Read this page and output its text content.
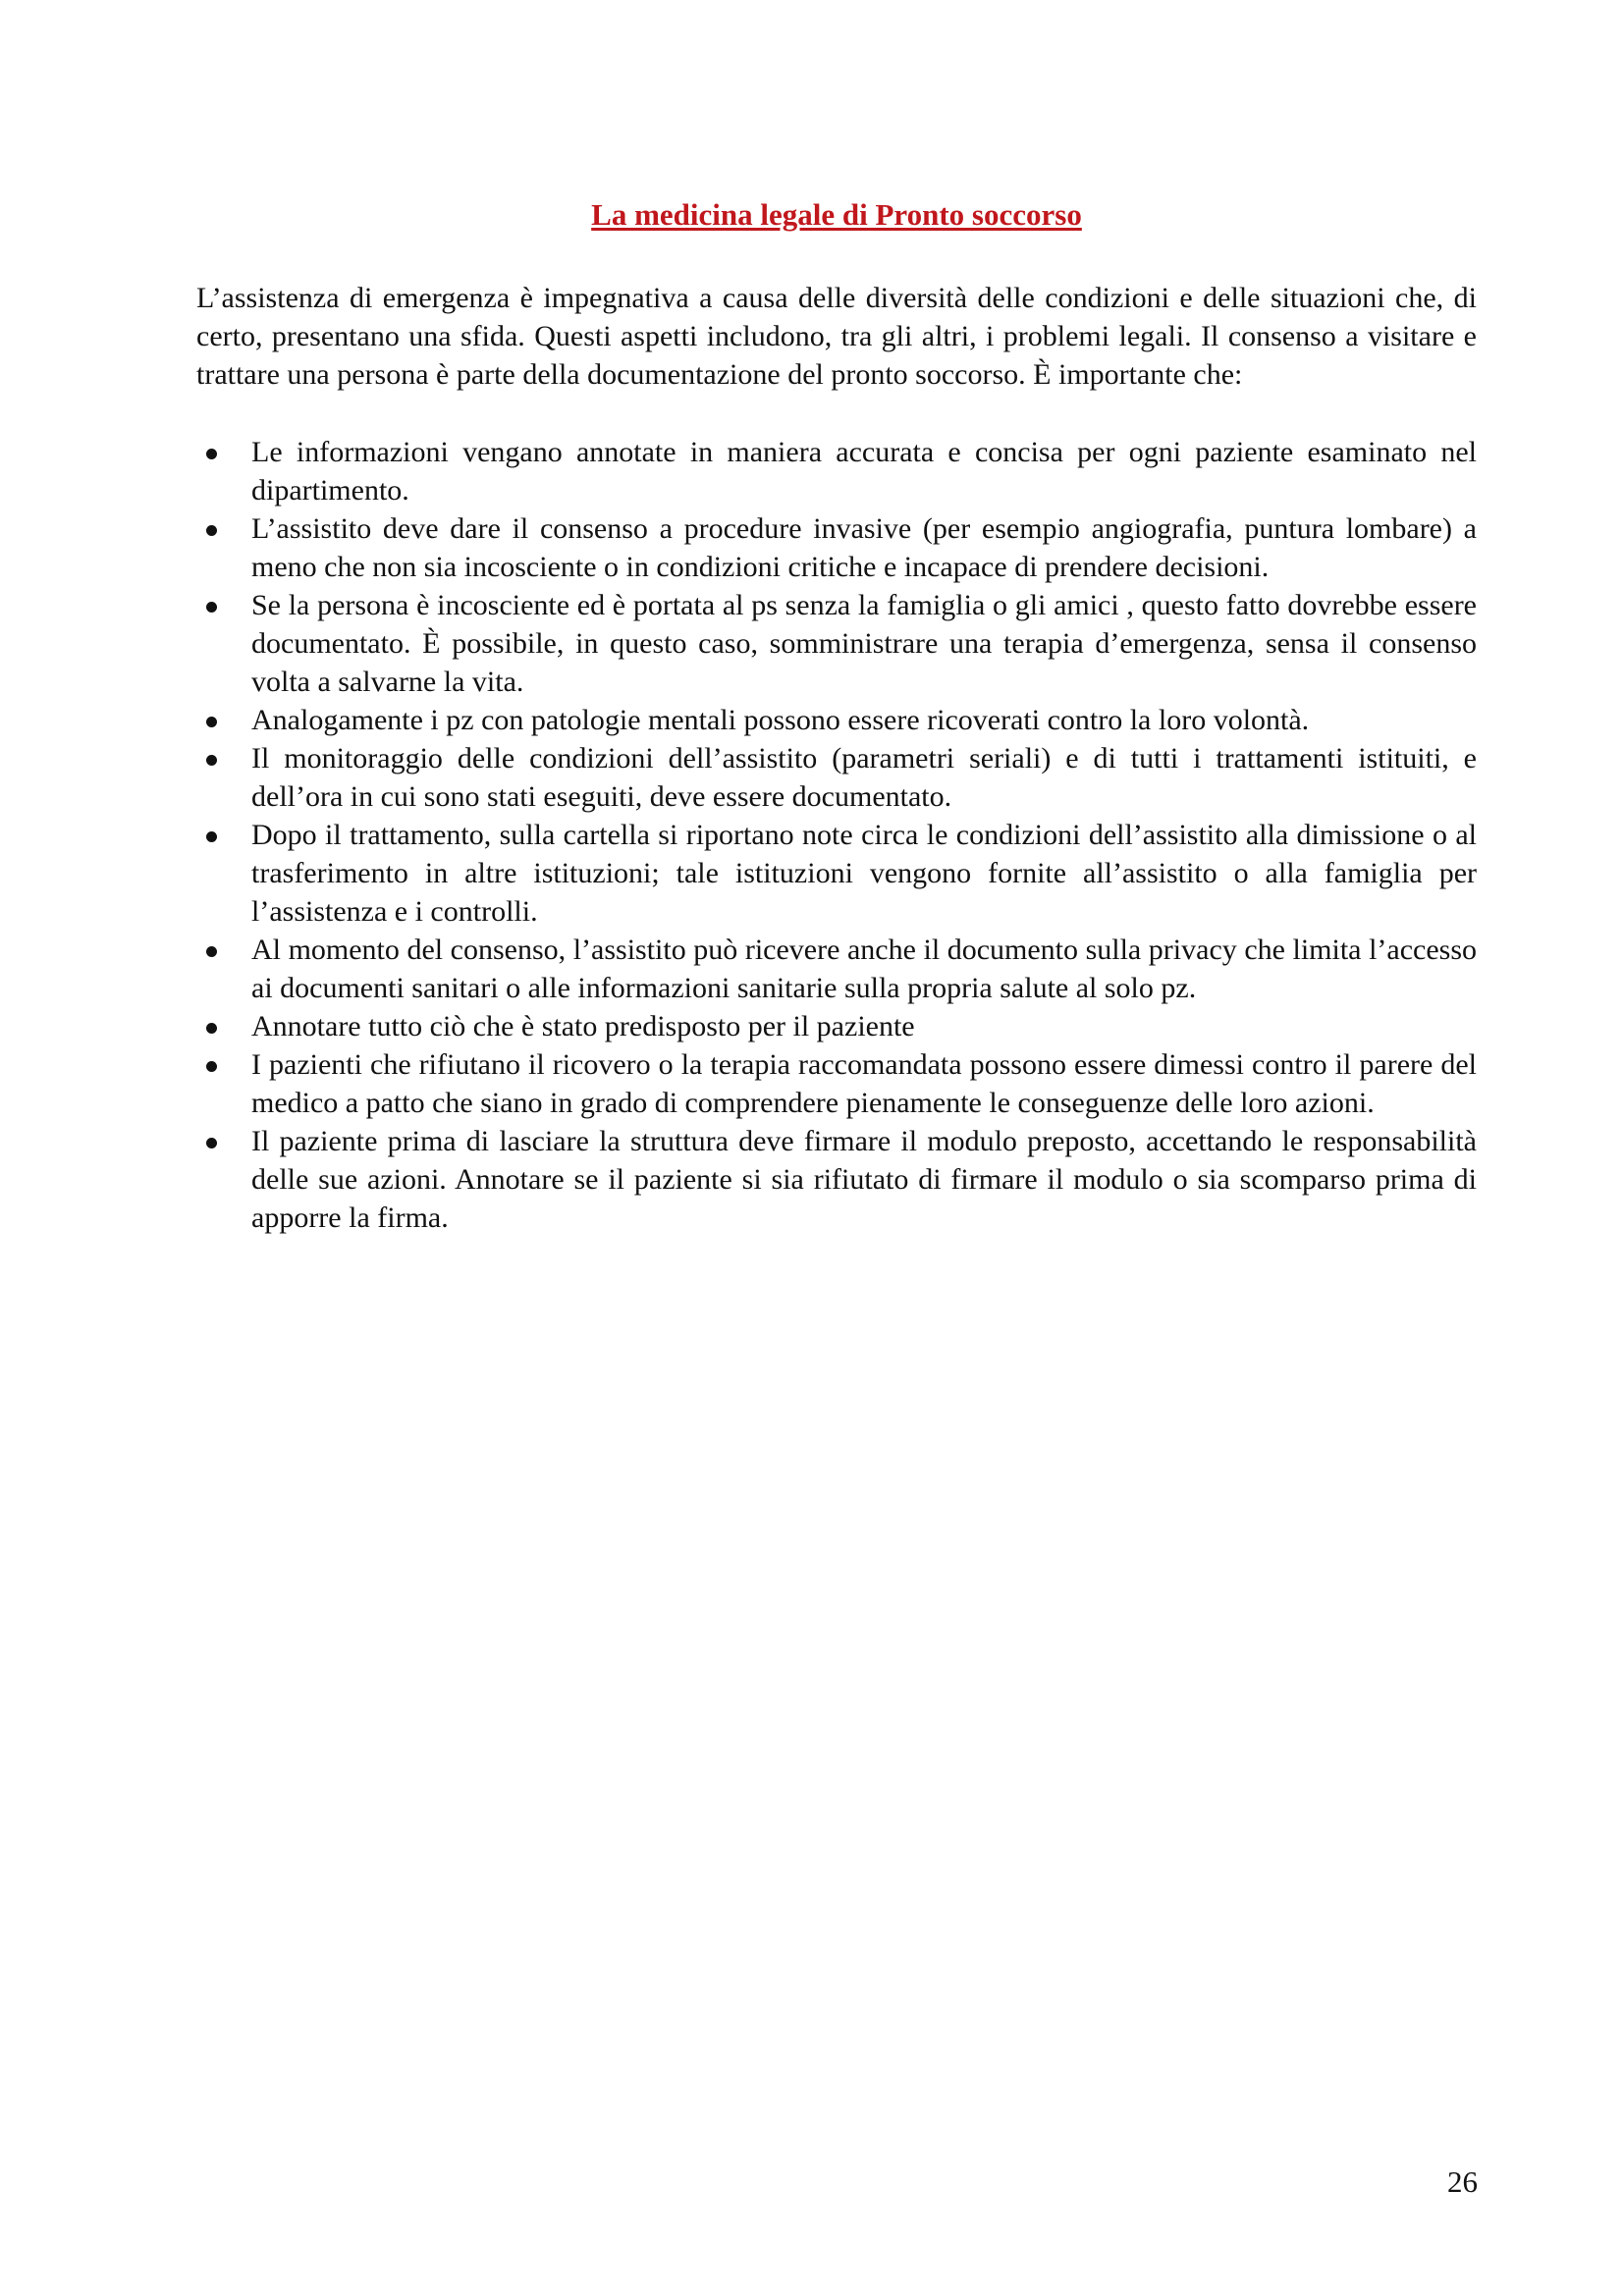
La medicina legale di Pronto soccorso

L’assistenza di emergenza è impegnativa a causa delle diversità delle condizioni e delle situazioni che, di certo, presentano una sfida. Questi aspetti includono, tra gli altri, i problemi legali. Il consenso a visitare e trattare una persona è parte della documentazione del pronto soccorso. È importante che:

Le informazioni vengano annotate in maniera accurata e concisa per ogni paziente esaminato nel dipartimento.
L’assistito deve dare il consenso a procedure invasive (per esempio angiografia, puntura lombare) a meno che non sia incosciente o in condizioni critiche e incapace di prendere decisioni.
Se la persona è incosciente ed è portata al ps senza la famiglia o gli amici , questo fatto dovrebbe essere documentato. È possibile, in questo caso, somministrare una terapia d’emergenza, sensa il consenso volta a salvarne la vita.
Analogamente i pz con patologie mentali possono essere ricoverati contro la loro volontà.
Il monitoraggio delle condizioni dell’assistito (parametri seriali) e di tutti i trattamenti istituiti, e dell’ora in cui sono stati eseguiti, deve essere documentato.
Dopo il trattamento, sulla cartella si riportano note circa le condizioni dell’assistito alla dimissione o al trasferimento in altre istituzioni; tale istituzioni vengono fornite all’assistito o alla famiglia per l’assistenza e i controlli.
Al momento del consenso, l’assistito può ricevere anche il documento sulla privacy che limita l’accesso ai documenti sanitari o alle informazioni sanitarie sulla propria salute al solo pz.
Annotare tutto ciò che è stato predisposto per il paziente
I pazienti che rifiutano il ricovero o la terapia raccomandata possono essere dimessi contro il parere del medico a patto che siano in grado di comprendere pienamente le conseguenze delle loro azioni.
Il paziente prima di lasciare la struttura deve firmare il modulo preposto, accettando le responsabilità delle sue azioni. Annotare se il paziente si sia rifiutato di firmare il modulo o sia scomparso prima di apporre la firma.
26
